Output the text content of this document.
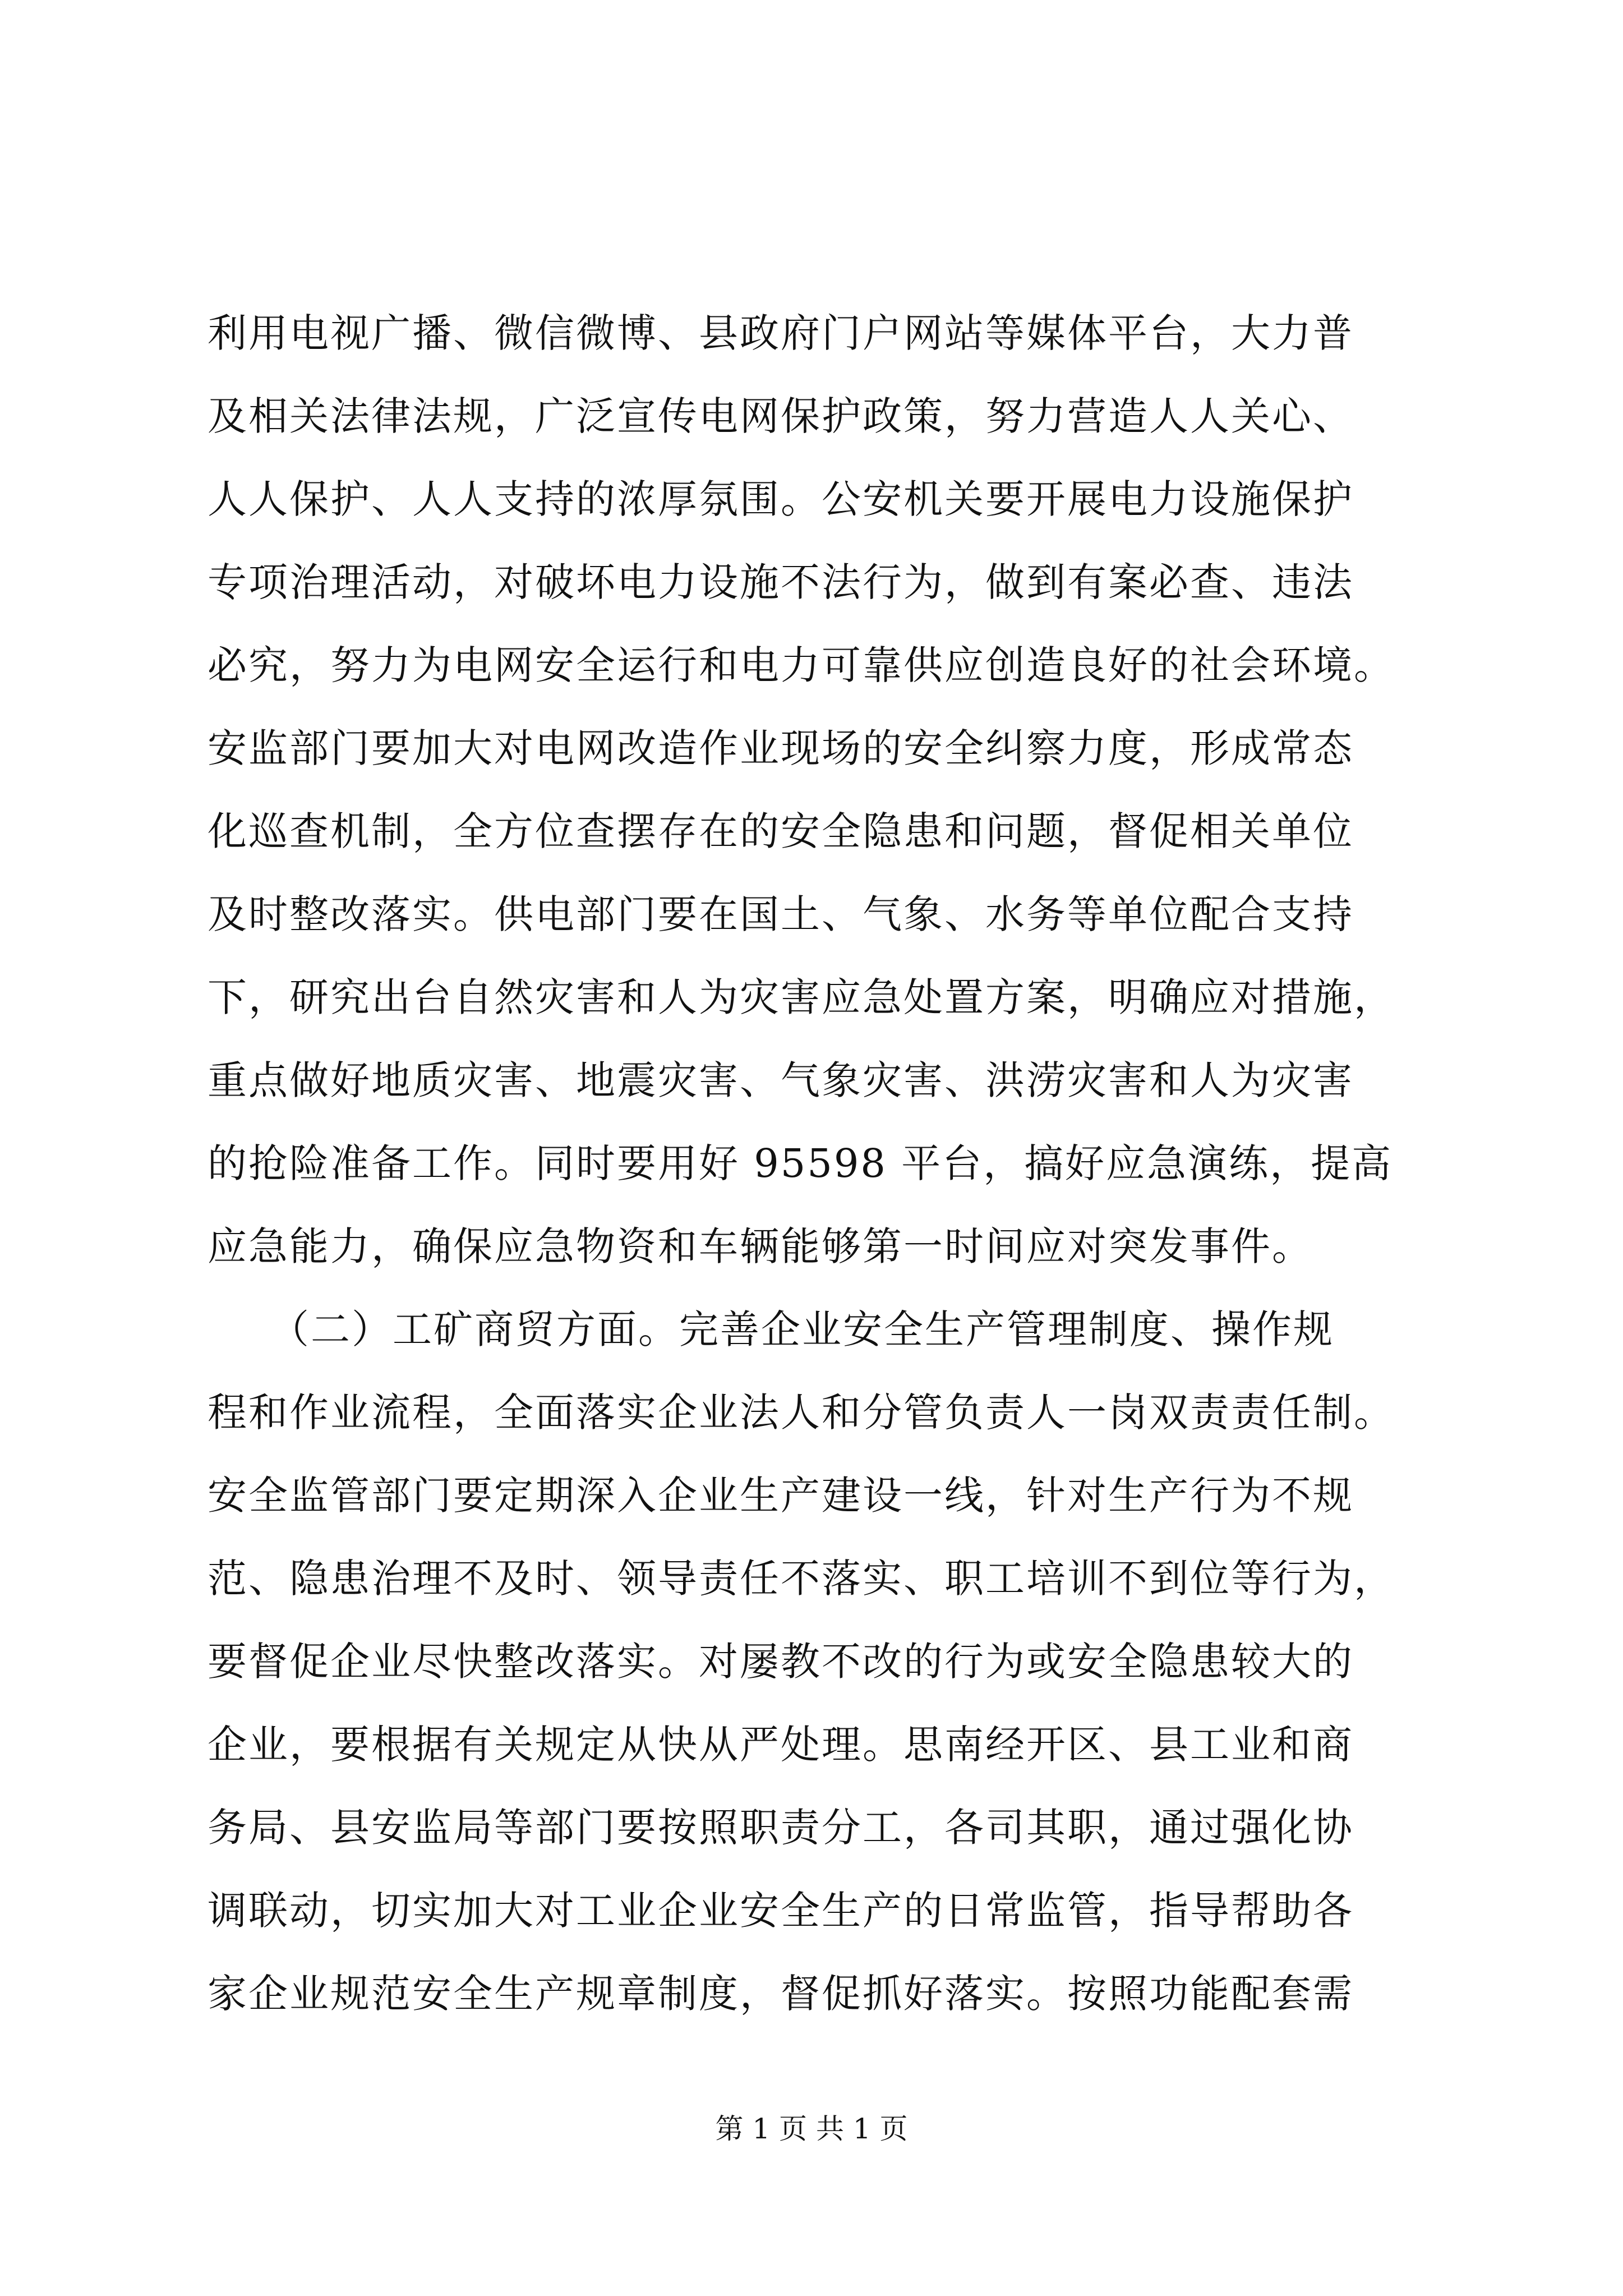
利用电视广播、微信微博、县政府门户网站等媒体平台，大力普
及相关法律法规，广泛宣传电网保护政策，努力营造人人关心、
人人保护、人人支持的浓厚氛围。公安机关要开展电力设施保护
专项治理活动，对破坏电力设施不法行为，做到有案必查、违法
必究，努力为电网安全运行和电力可靠供应创造良好的社会环境。
安监部门要加大对电网改造作业现场的安全纠察力度，形成常态
化巡查机制，全方位查摆存在的安全隐患和问题，督促相关单位
及时整改落实。供电部门要在国土、气象、水务等单位配合支持
下，研究出台自然灾害和人为灾害应急处置方案，明确应对措施，
重点做好地质灾害、地震灾害、气象灾害、洪涝灾害和人为灾害
的抢险准备工作。同时要用好 95598 平台，搞好应急演练，提高
应急能力，确保应急物资和车辆能够第一时间应对突发事件。
　　（二）工矿商贸方面。完善企业安全生产管理制度、操作规
程和作业流程，全面落实企业法人和分管负责人一岗双责责任制。
安全监管部门要定期深入企业生产建设一线，针对生产行为不规
范、隐患治理不及时、领导责任不落实、职工培训不到位等行为，
要督促企业尽快整改落实。对屡教不改的行为或安全隐患较大的
企业，要根据有关规定从快从严处理。思南经开区、县工业和商
务局、县安监局等部门要按照职责分工，各司其职，通过强化协
调联动，切实加大对工业企业安全生产的日常监管，指导帮助各
家企业规范安全生产规章制度，督促抓好落实。按照功能配套需
第 1 页 共 1 页
